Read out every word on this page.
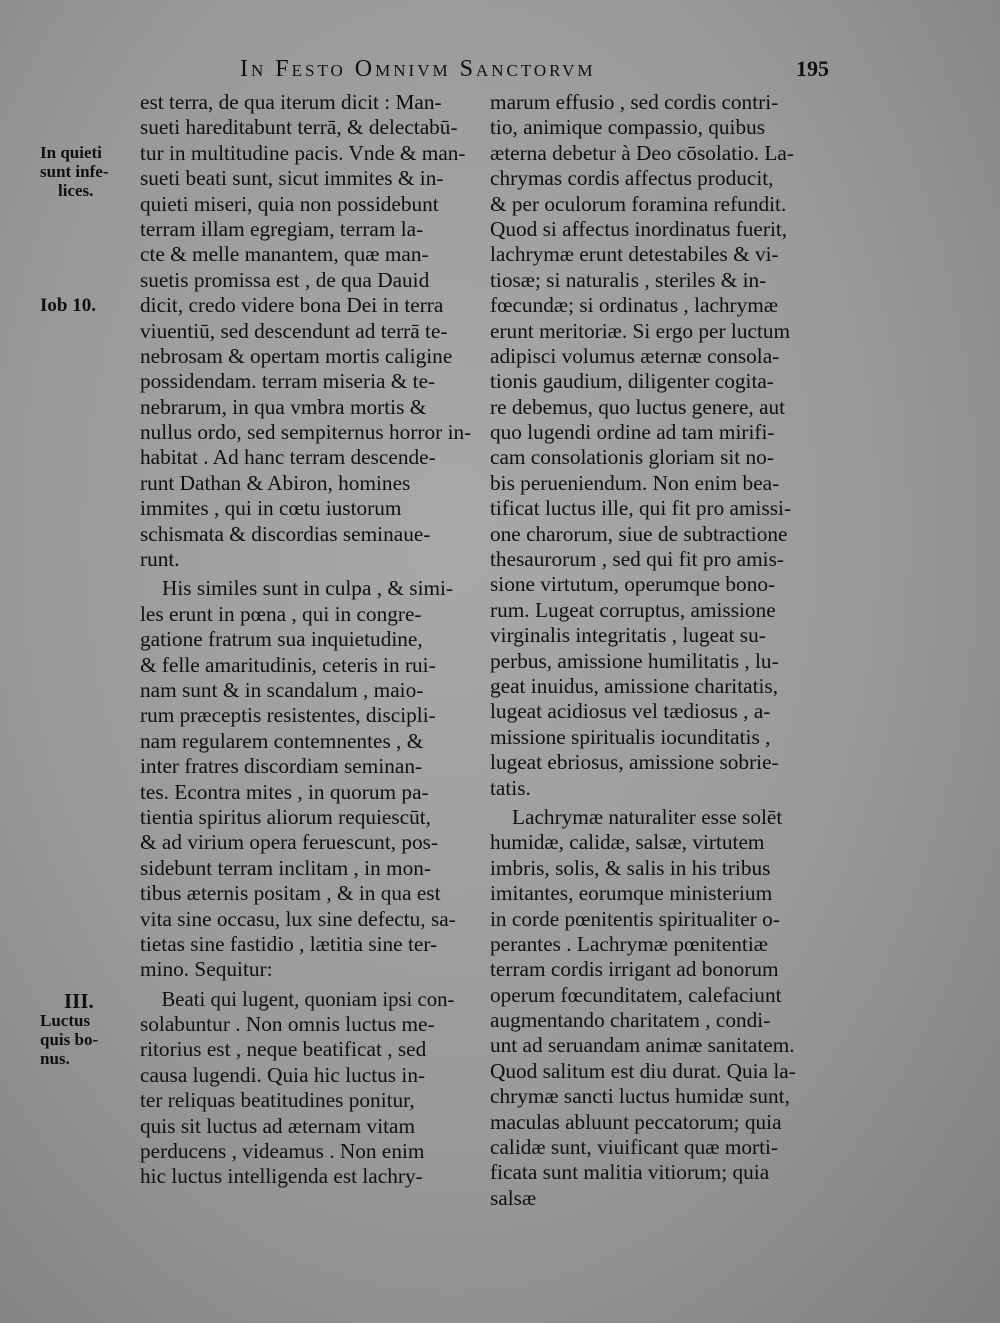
In Festo Omnivm Sanctorvm	195
In quieti
sunt infe-
lices.
Iob 10.
III.
Luctus
quis bo-
nus.
est terra, de qua iterum dicit : Man-
sueti hareditabunt terrā, & delectabū-
tur in multitudine pacis. Vnde & man-
sueti beati sunt, sicut immites & in-
quieti miseri, quia non possidebunt
terram illam egregiam, terram la-
cte & melle manantem, quæ man-
suetis promissa est , de qua Dauid
dicit, credo videre bona Dei in terra
viuentiū, sed descendunt ad terrā te-
nebrosam & opertam mortis caligine
possidendam. terram miseria & te-
nebrarum, in qua vmbra mortis &
nullus ordo, sed sempiternus horror in-
habitat . Ad hanc terram descende-
runt Dathan & Abiron, homines
immites , qui in cœtu iustorum
schismata & discordias seminaue-
runt.
His similes sunt in culpa , & simi-
les erunt in pœna , qui in congre-
gatione fratrum sua inquietudine,
& felle amaritudinis, ceteris in rui-
nam sunt & in scandalum , maio-
rum præceptis resistentes, discipli-
nam regularem contemnentes , &
inter fratres discordiam seminan-
tes. Econtra mites , in quorum pa-
tientia spiritus aliorum requiescūt,
& ad virium opera feruescunt, pos-
sidebunt terram inclitam , in mon-
tibus æternis positam , & in qua est
vita sine occasu, lux sine defectu, sa-
tietas sine fastidio , lætitia sine ter-
mino. Sequitur:
Beati qui lugent, quoniam ipsi con-
solabuntur . Non omnis luctus me-
ritorius est , neque beatificat , sed
causa lugendi. Quia hic luctus in-
ter reliquas beatitudines ponitur,
quis sit luctus ad æternam vitam
perducens , videamus . Non enim
hic luctus intelligenda est lachry-
marum effusio , sed cordis contri-
tio, animique compassio, quibus
æterna debetur à Deo cōsolatio. La-
chrymas cordis affectus producit,
& per oculorum foramina refundit.
Quod si affectus inordinatus fuerit,
lachrymæ erunt detestabiles & vi-
tiosæ; si naturalis , steriles & in-
fœcundæ; si ordinatus , lachrymæ
erunt meritoriæ. Si ergo per luctum
adipisci volumus æternæ consola-
tionis gaudium, diligenter cogita-
re debemus, quo luctus genere, aut
quo lugendi ordine ad tam mirifi-
cam consolationis gloriam sit no-
bis perueniendum. Non enim bea-
tificat luctus ille, qui fit pro amissi-
one charorum, siue de subtractione
thesaurorum , sed qui fit pro amis-
sione virtutum, operumque bono-
rum. Lugeat corruptus, amissione
virginalis integritatis , lugeat su-
perbus, amissione humilitatis , lu-
geat inuidus, amissione charitatis,
lugeat acidiosus vel tædiosus , a-
missione spiritualis iocunditatis ,
lugeat ebriosus, amissione sobrie-
tatis.
Lachrymæ naturaliter esse solēt
humidæ, calidæ, salsæ, virtutem
imbris, solis, & salis in his tribus
imitantes, eorumque ministerium
in corde pœnitentis spiritualiter o-
perantes . Lachrymæ pœnitentiæ
terram cordis irrigant ad bonorum
operum fœcunditatem, calefaciunt
augmentando charitatem , condi-
unt ad seruandam animæ sanitatem.
Quod salitum est diu durat. Quia la-
chrymæ sancti luctus humidæ sunt,
maculas abluunt peccatorum; quia
calidæ sunt, viuificant quæ morti-
ficata sunt malitia vitiorum; quia
salsæ
